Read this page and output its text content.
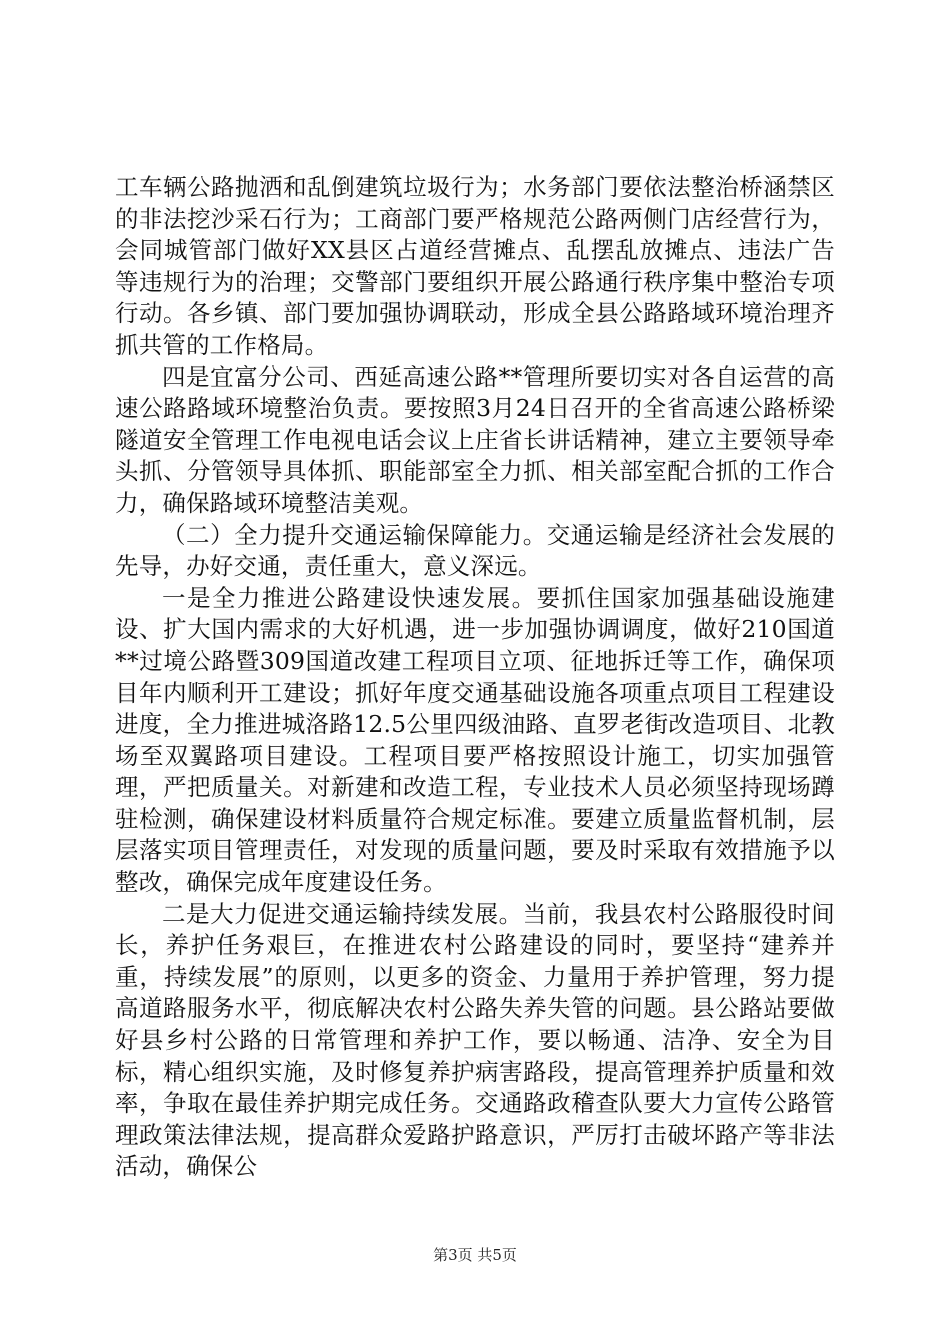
工车辆公路抛洒和乱倒建筑垃圾行为；水务部门要依法整治桥涵禁区的非法挖沙采石行为；工商部门要严格规范公路两侧门店经营行为，会同城管部门做好XX县区占道经营摊点、乱摆乱放摊点、违法广告等违规行为的治理；交警部门要组织开展公路通行秩序集中整治专项行动。各乡镇、部门要加强协调联动，形成全县公路路域环境治理齐抓共管的工作格局。

四是宜富分公司、西延高速公路**管理所要切实对各自运营的高速公路路域环境整治负责。要按照3月24日召开的全省高速公路桥梁隧道安全管理工作电视电话会议上庄省长讲话精神，建立主要领导牵头抓、分管领导具体抓、职能部室全力抓、相关部室配合抓的工作合力，确保路域环境整洁美观。

（二）全力提升交通运输保障能力。交通运输是经济社会发展的先导，办好交通，责任重大，意义深远。

一是全力推进公路建设快速发展。要抓住国家加强基础设施建设、扩大国内需求的大好机遇，进一步加强协调调度，做好210国道**过境公路暨309国道改建工程项目立项、征地拆迁等工作，确保项目年内顺利开工建设；抓好年度交通基础设施各项重点项目工程建设进度，全力推进城洛路12.5公里四级油路、直罗老街改造项目、北教场至双翼路项目建设。工程项目要严格按照设计施工，切实加强管理，严把质量关。对新建和改造工程，专业技术人员必须坚持现场蹲驻检测，确保建设材料质量符合规定标准。要建立质量监督机制，层层落实项目管理责任，对发现的质量问题，要及时采取有效措施予以整改，确保完成年度建设任务。

二是大力促进交通运输持续发展。当前，我县农村公路服役时间长，养护任务艰巨，在推进农村公路建设的同时，要坚持“建养并重，持续发展”的原则，以更多的资金、力量用于养护管理，努力提高道路服务水平，彻底解决农村公路失养失管的问题。县公路站要做好县乡村公路的日常管理和养护工作，要以畅通、洁净、安全为目标，精心组织实施，及时修复养护病害路段，提高管理养护质量和效率，争取在最佳养护期完成任务。交通路政稽查队要大力宣传公路管理政策法律法规，提高群众爱路护路意识，严厉打击破坏路产等非法活动，确保公

第3页 共5页
